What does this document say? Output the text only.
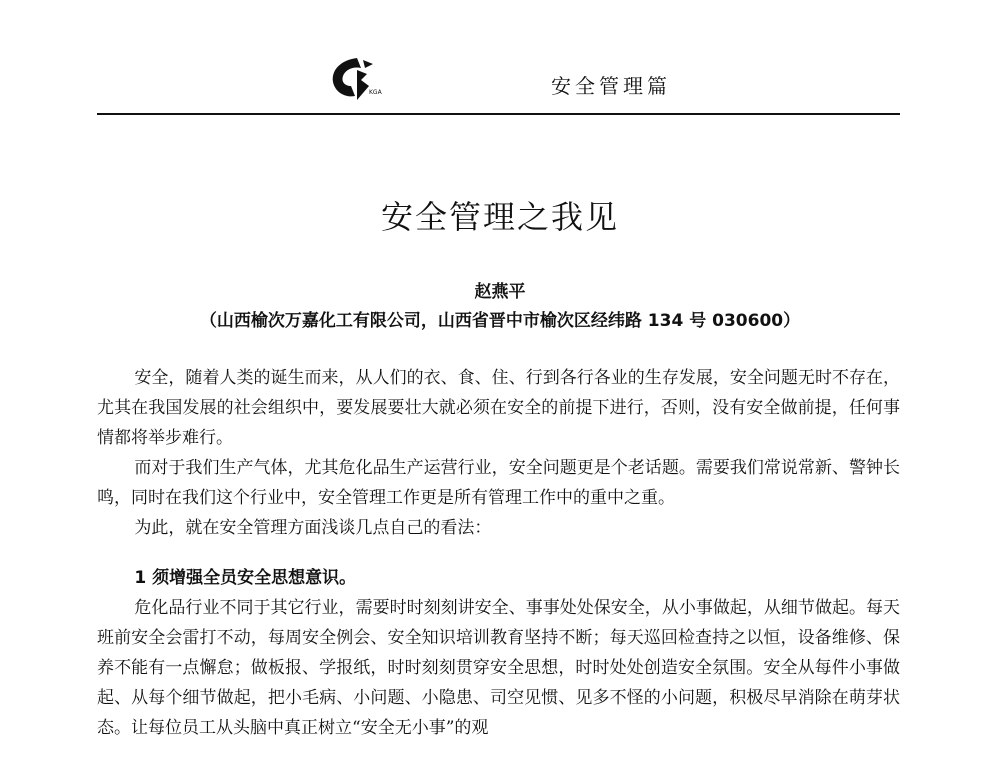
KGA	安全管理篇
安全管理之我见
赵燕平
（山西榆次万嘉化工有限公司，山西省晋中市榆次区经纬路 134 号 030600）

安全，随着人类的诞生而来，从人们的衣、食、住、行到各行各业的生存发展，安全问题无时不存在，尤其在我国发展的社会组织中，要发展要壮大就必须在安全的前提下进行，否则，没有安全做前提，任何事情都将举步难行。

而对于我们生产气体，尤其危化品生产运营行业，安全问题更是个老话题。需要我们常说常新、警钟长鸣，同时在我们这个行业中，安全管理工作更是所有管理工作中的重中之重。

为此，就在安全管理方面浅谈几点自己的看法：

1 须增强全员安全思想意识。

危化品行业不同于其它行业，需要时时刻刻讲安全、事事处处保安全，从小事做起，从细节做起。每天班前安全会雷打不动，每周安全例会、安全知识培训教育坚持不断；每天巡回检查持之以恒，设备维修、保养不能有一点懈怠；做板报、学报纸，时时刻刻贯穿安全思想，时时处处创造安全氛围。安全从每件小事做起、从每个细节做起，把小毛病、小问题、小隐患、司空见惯、见多不怪的小问题，积极尽早消除在萌芽状态。让每位员工从头脑中真正树立“安全无小事”的观
